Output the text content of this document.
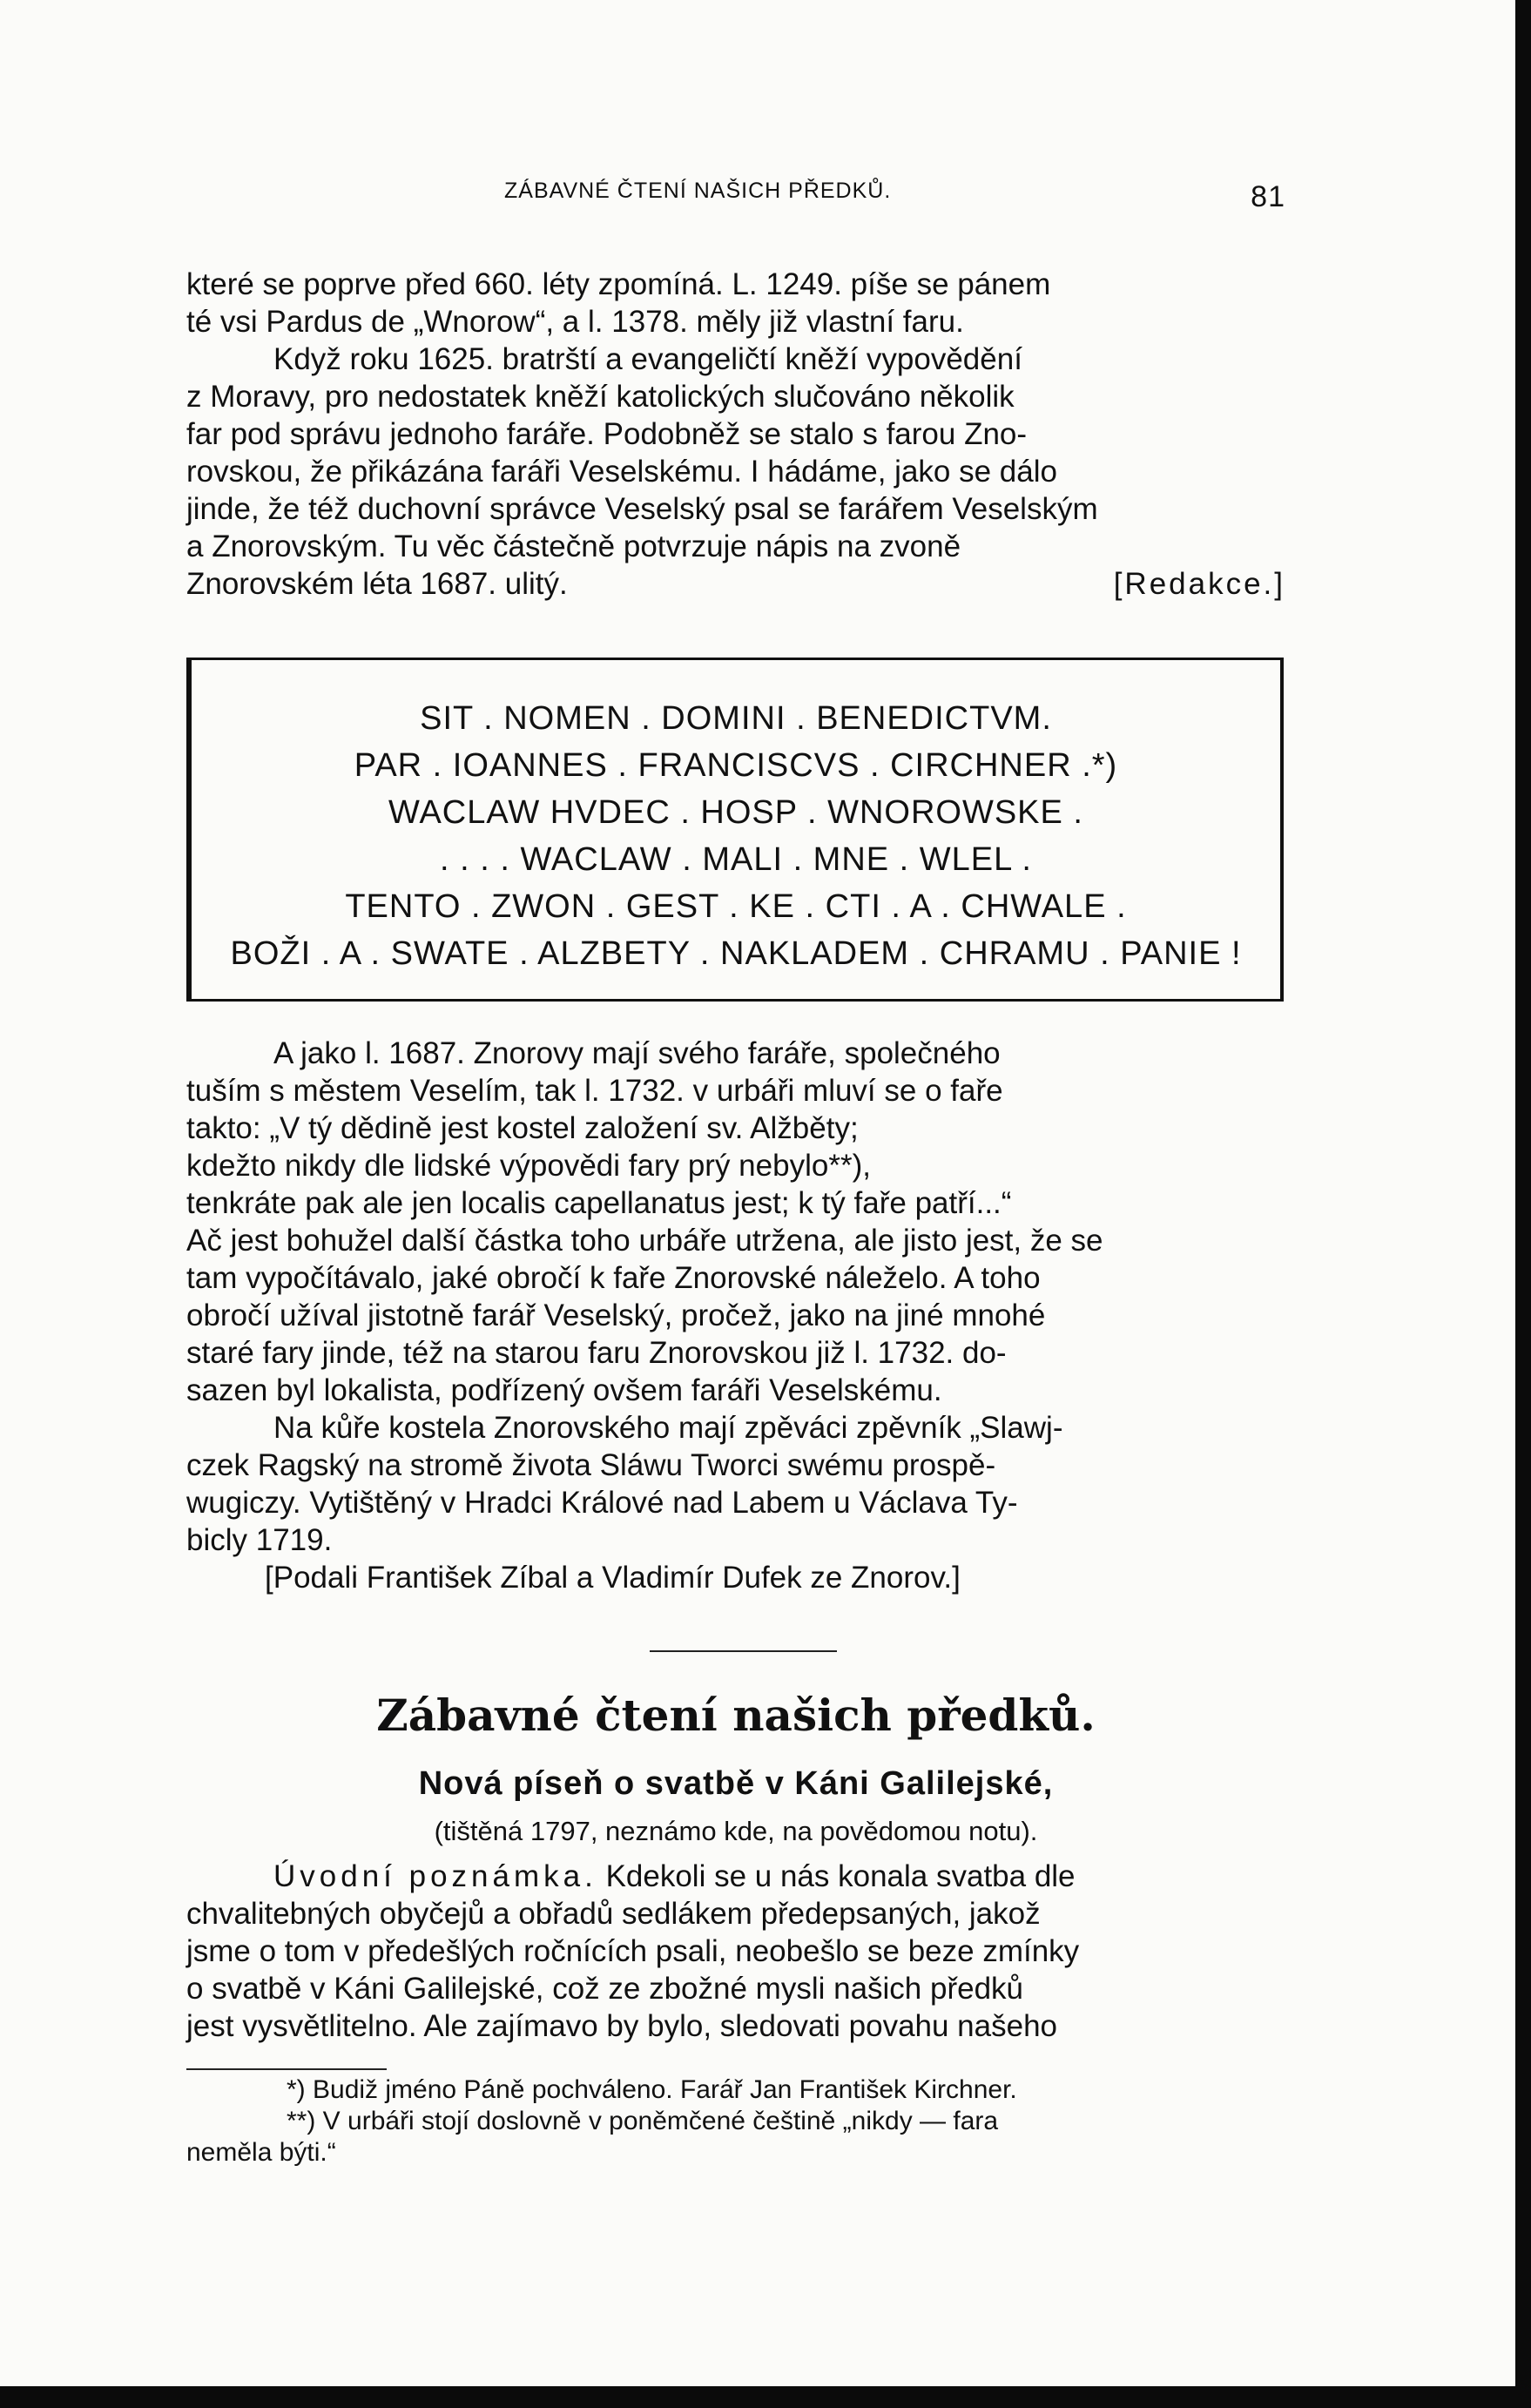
ZÁBAVNÉ ČTENÍ NAŠICH PŘEDKŮ.	81

které se poprve před 660. léty zpomíná. L. 1249. píše se pánem

té vsi Pardus de „Wnorow“, a l. 1378. měly již vlastní faru.

Když roku 1625. bratrští a evangeličtí kněží vypovědění

z Moravy, pro nedostatek kněží katolických slučováno několik

far pod správu jednoho faráře. Podobněž se stalo s farou Zno-

rovskou, že přikázána faráři Veselskému. I hádáme, jako se dálo

jinde, že též duchovní správce Veselský psal se farářem Veselským

a Znorovským. Tu věc částečně potvrzuje nápis na zvoně

Znorovském léta 1687. ulitý.	[Redakce.]

SIT . NOMEN . DOMINI . BENEDICTVM.
PAR . IOANNES . FRANCISCVS . CIRCHNER .*)
WACLAW HVDEC . HOSP . WNOROWSKE .
. . . . WACLAW . MALI . MNE . WLEL .
TENTO . ZWON . GEST . KE . CTI . A . CHWALE .
BOŽI . A . SWATE . ALZBETY . NAKLADEM . CHRAMU . PANIE !

A jako l. 1687. Znorovy mají svého faráře, společného

tuším s městem Veselím, tak l. 1732. v urbáři mluví se o faře

takto: „V tý dědině jest kostel založení sv. Alžběty;

kdežto nikdy dle lidské výpovědi fary prý nebylo**),

tenkráte pak ale jen localis capellanatus jest; k tý faře patří...“

Ač jest bohužel další částka toho urbáře utržena, ale jisto jest, že se

tam vypočítávalo, jaké obročí k faře Znorovské náleželo. A toho

obročí užíval jistotně farář Veselský, pročež, jako na jiné mnohé

staré fary jinde, též na starou faru Znorovskou již l. 1732. do-

sazen byl lokalista, podřízený ovšem faráři Veselskému.

Na kůře kostela Znorovského mají zpěváci zpěvník „Slawj-

czek Ragský na stromě života Sláwu Tworci swému prospě-

wugiczy. Vytištěný v Hradci Králové nad Labem u Václava Ty-

bicly 1719.

[Podali František Zíbal a Vladimír Dufek ze Znorov.]

Zábavné čtení našich předků.
Nová píseň o svatbě v Káni Galilejské,
(tištěná 1797, neznámo kde, na povědomou notu).

Úvodní poznámka. Kdekoli se u nás konala svatba dle

chvalitebných obyčejů a obřadů sedlákem předepsaných, jakož

jsme o tom v předešlých ročnících psali, neobešlo se beze zmínky

o svatbě v Káni Galilejské, což ze zbožné mysli našich předků

jest vysvětlitelno. Ale zajímavo by bylo, sledovati povahu našeho

*) Budiž jméno Páně pochváleno. Farář Jan František Kirchner.

**) V urbáři stojí doslovně v poněmčené češtině „nikdy — fara

neměla býti.“
